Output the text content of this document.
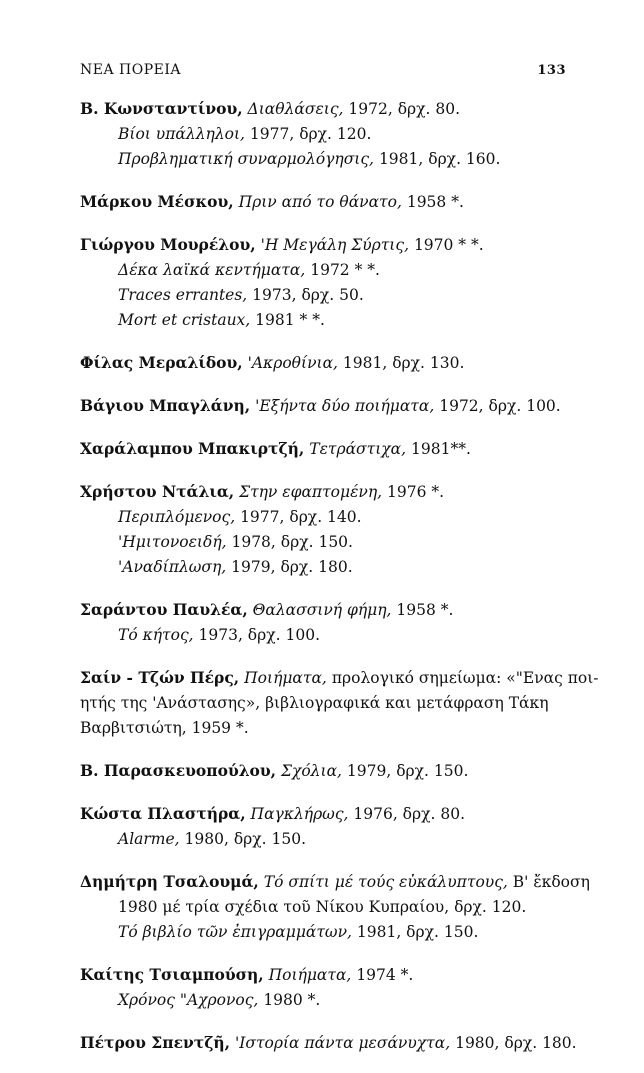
ΝΕΑ ΠΟΡΕΙΑ	133
Β. Κωνσταντίνου, Διαθλάσεις, 1972, δρχ. 80.
Βίοι υπάλληλοι, 1977, δρχ. 120.
Προβληματική συναρμολόγησις, 1981, δρχ. 160.
Μάρκου Μέσκου, Πριν από το θάνατο, 1958 *.
Γιώργου Μουρέλου, 'Η Μεγάλη Σύρτις, 1970 * *.
Δέκα λαϊκά κεντήματα, 1972 * *.
Traces errantes, 1973, δρχ. 50.
Mort et cristaux, 1981 * *.
Φίλας Μεραλίδου, 'Ακροθίνια, 1981, δρχ. 130.
Βάγιου Μπαγλάνη, 'Εξήντα δύο ποιήματα, 1972, δρχ. 100.
Χαράλαμπου Μπακιρτζή, Τετράστιχα, 1981**.
Χρήστου Ντάλια, Στην εφαπτομένη, 1976 *.
Περιπλόμενος, 1977, δρχ. 140.
'Ημιτονοειδή, 1978, δρχ. 150.
'Αναδίπλωση, 1979, δρχ. 180.
Σαράντου Παυλέα, Θαλασσινή φήμη, 1958 *.
Τό κήτος, 1973, δρχ. 100.
Σαίν - Τζών Πέρς, Ποιήματα, προλογικό σημείωμα: «"Ενας ποι-
ητής της 'Ανάστασης», βιβλιογραφικά και μετάφραση Τάκη
Βαρβιτσιώτη, 1959 *.
Β. Παρασκευοπούλου, Σχόλια, 1979, δρχ. 150.
Κώστα Πλαστήρα, Παγκλήρως, 1976, δρχ. 80.
Alarme, 1980, δρχ. 150.
Δημήτρη Τσαλουμά, Τό σπίτι μέ τούς εὐκάλυπτους, Β' ἔκδοση
1980 μέ τρία σχέδια τοῦ Νίκου Κυπραίου, δρχ. 120.
Τό βιβλίο τῶν ἐπιγραμμάτων, 1981, δρχ. 150.
Καίτης Τσιαμπούση, Ποιήματα, 1974 *.
Χρόνος "Αχρονος, 1980 *.
Πέτρου Σπεντζῆ, 'Ιστορία πάντα μεσάνυχτα, 1980, δρχ. 180.
